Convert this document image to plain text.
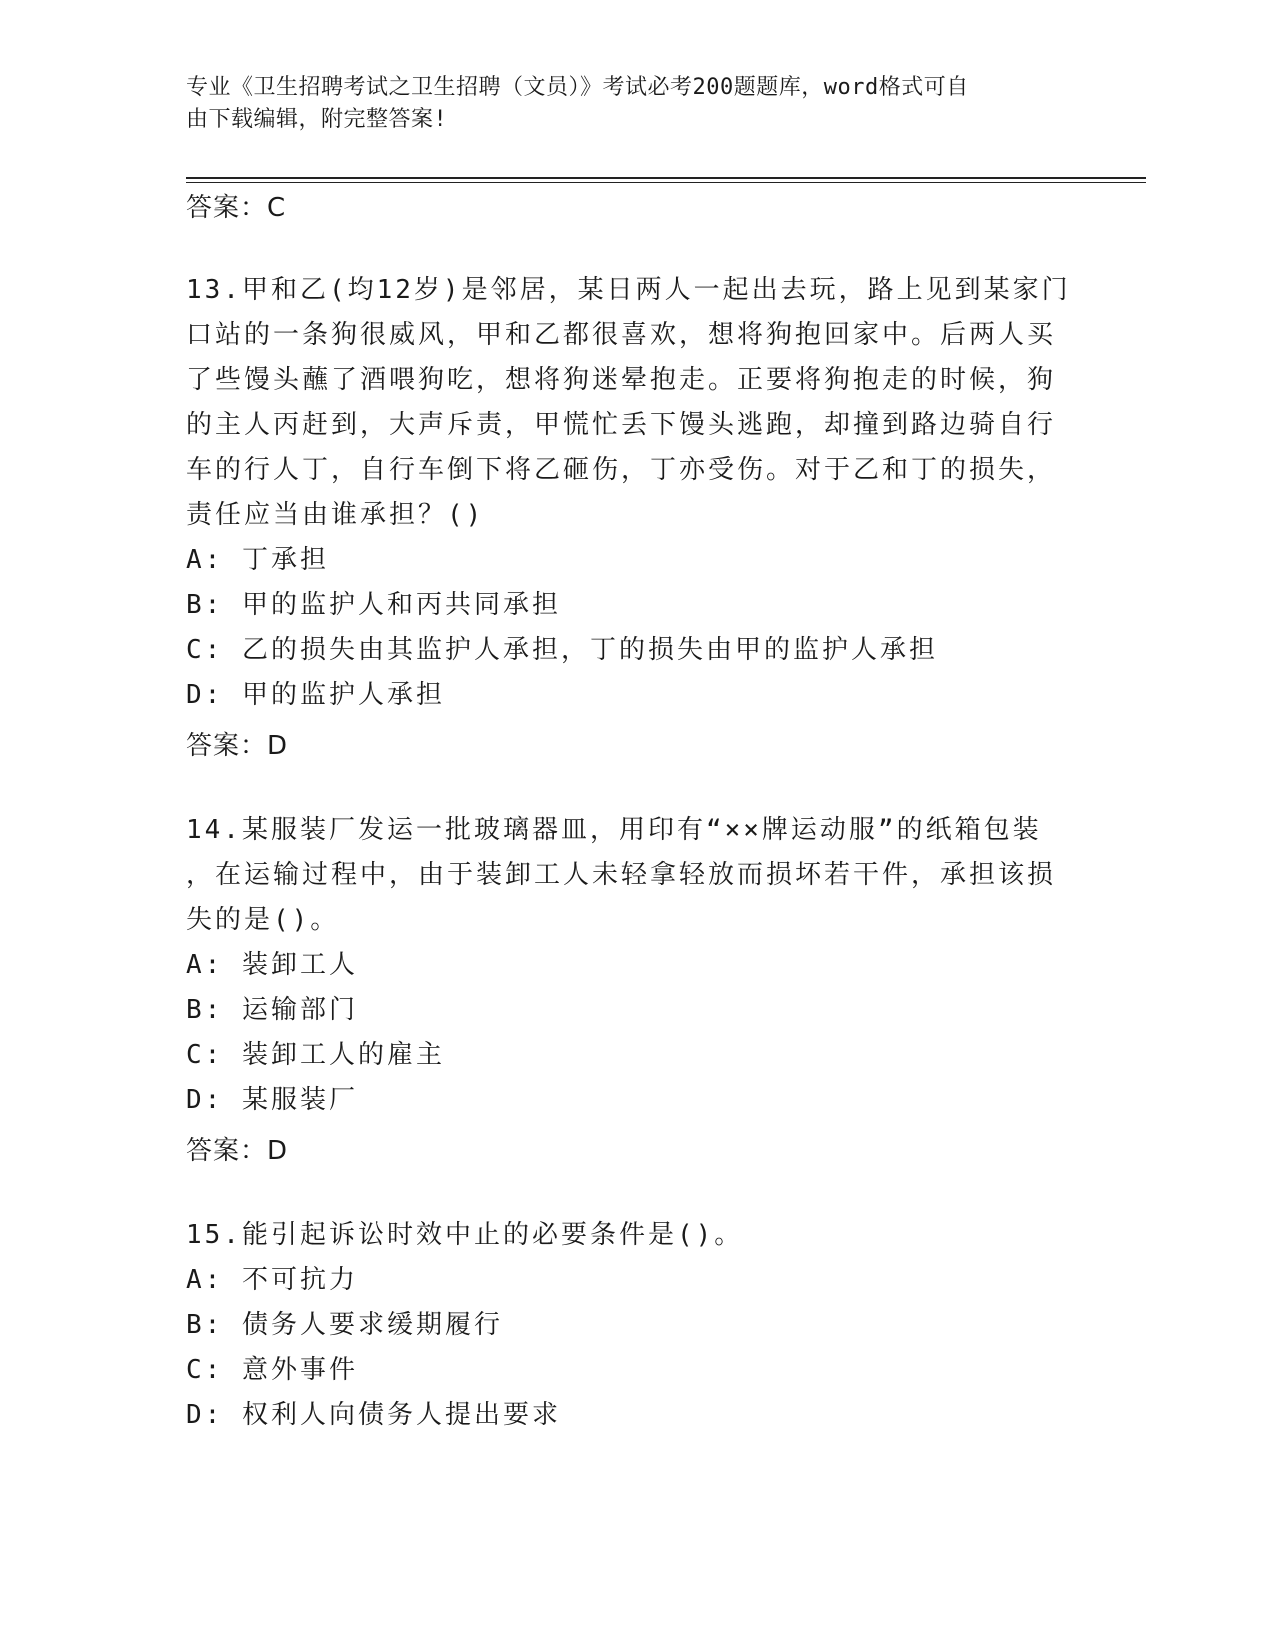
专业《卫生招聘考试之卫生招聘（文员）》考试必考200题题库，word格式可自
由下载编辑，附完整答案!
答案：C
13.甲和乙(均12岁)是邻居，某日两人一起出去玩，路上见到某家门
口站的一条狗很威风，甲和乙都很喜欢，想将狗抱回家中。后两人买
了些馒头蘸了酒喂狗吃，想将狗迷晕抱走。正要将狗抱走的时候，狗
的主人丙赶到，大声斥责，甲慌忙丢下馒头逃跑，却撞到路边骑自行
车的行人丁，自行车倒下将乙砸伤，丁亦受伤。对于乙和丁的损失，
责任应当由谁承担？()
A: 丁承担
B: 甲的监护人和丙共同承担
C: 乙的损失由其监护人承担，丁的损失由甲的监护人承担
D: 甲的监护人承担
答案：D
14.某服装厂发运一批玻璃器皿，用印有“××牌运动服”的纸箱包装
，在运输过程中，由于装卸工人未轻拿轻放而损坏若干件，承担该损
失的是()。
A: 装卸工人
B: 运输部门
C: 装卸工人的雇主
D: 某服装厂
答案：D
15.能引起诉讼时效中止的必要条件是()。
A: 不可抗力
B: 债务人要求缓期履行
C: 意外事件
D: 权利人向债务人提出要求
